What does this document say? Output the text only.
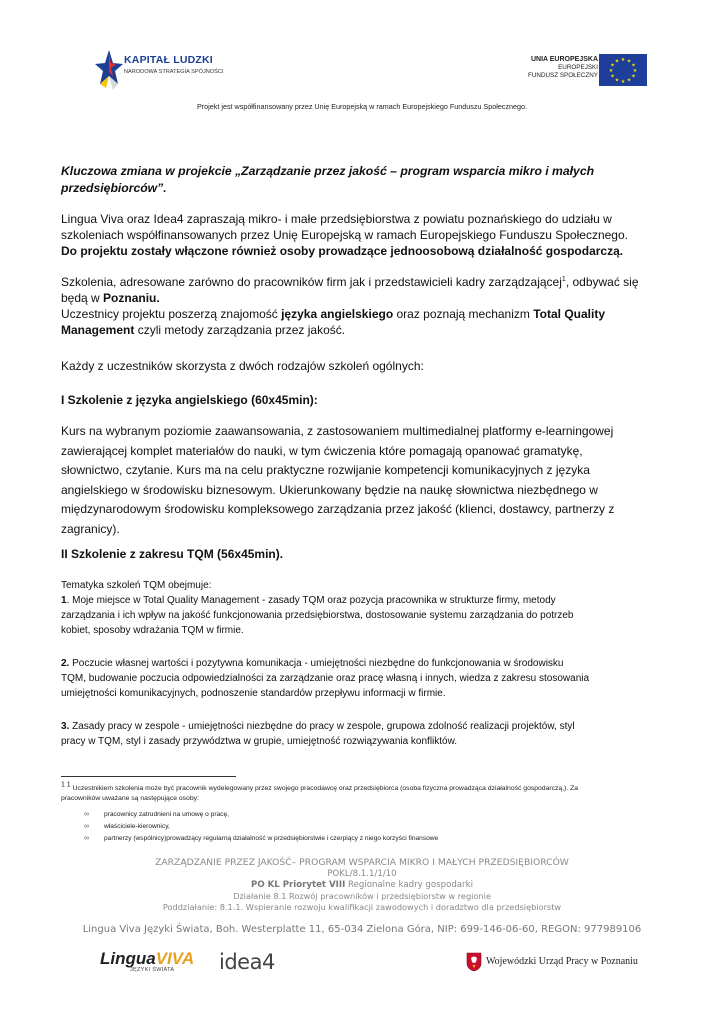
KAPITAŁ LUDZKI
NARODOWA STRATEGIA SPÓJNOŚCI
UNIA EUROPEJSKA
EUROPEJSKI
FUNDUSZ SPOŁECZNY
★ ★
★
★
★
★
★
★
★
★
★
★
Projekt jest współfinansowany przez Unię Europejską w ramach Europejskiego Funduszu Społecznego.
Kluczowa zmiana w projekcie „Zarządzanie przez jakość – program wsparcia mikro i małych
przedsiębiorców”.
Lingua Viva oraz Idea4 zapraszają mikro- i małe przedsiębiorstwa z powiatu poznańskiego do udziału w
szkoleniach współfinansowanych przez Unię Europejską w ramach Europejskiego Funduszu Społecznego.
Do projektu zostały włączone również osoby prowadzące jednoosobową działalność gospodarczą.
Szkolenia, adresowane zarówno do pracowników firm jak i przedstawicieli kadry zarządzającej$^1$, odbywać się
będą w Poznaniu.
Uczestnicy projektu poszerzą znajomość języka angielskiego oraz poznają mechanizm Total Quality
Management czyli metody zarządzania przez jakość.
Każdy z uczestników skorzysta z dwóch rodzajów szkoleń ogólnych:
I Szkolenie z języka angielskiego (60x45min):
Kurs na wybranym poziomie zaawansowania, z zastosowaniem multimedialnej platformy e-learningowej
zawierającej komplet materiałów do nauki, w tym ćwiczenia które pomagają opanować gramatykę,
słownictwo, czytanie. Kurs ma na celu praktyczne rozwijanie kompetencji komunikacyjnych z języka
angielskiego w środowisku biznesowym. Ukierunkowany będzie na naukę słownictwa niezbędnego w
międzynarodowym środowisku kompleksowego zarządzania przez jakość (klienci, dostawcy, partnerzy z
zagranicy).
II Szkolenie z zakresu TQM (56x45min).
Tematyka szkoleń TQM obejmuje:
1. Moje miejsce w Total Quality Management - zasady TQM oraz pozycja pracownika w strukturze firmy, metody
zarządzania i ich wpływ na jakość funkcjonowania przedsiębiorstwa, dostosowanie systemu zarządzania do potrzeb
kobiet, sposoby wdrażania TQM w firmie.
2. Poczucie własnej wartości i pozytywna komunikacja - umiejętności niezbędne do funkcjonowania w środowisku
TQM, budowanie poczucia odpowiedzialności za zarządzanie oraz pracę własną i innych, wiedza z zakresu stosowania
umiejętności komunikacyjnych, podnoszenie standardów przepływu informacji w firmie.
3. Zasady pracy w zespole - umiejętności niezbędne do pracy w zespole, grupowa zdolność realizacji projektów, styl
pracy w TQM, styl i zasady przywództwa w grupie, umiejętność rozwiązywania konfliktów.
$^1$ $^1$ Uczestnikiem szkolenia może być pracownik wydelegowany przez swojego pracodawcę oraz przedsiębiorca (osoba fizyczna prowadząca działalność gospodarczą,). Za
pracowników uważane są następujące osoby:
∞ pracownicy zatrudnieni na umowę o pracę,
∞ właściciele-kierownicy,
∞ partnerzy (wspólnicy)prowadzący regularną działalność w przedsiębiorstwie i czerpiący z niego korzyści finansowe
ZARZĄDZANIE PRZEZ JAKOŚĆ– PROGRAM WSPARCIA MIKRO I MAŁYCH PRZEDSIĘBIORCÓW
POKL/8.1.1/1/10
PO KL Priorytet VIII Regionalne kadry gospodarki
Działanie 8.1 Rozwój pracowników i przedsiębiorstw w regionie
Poddziałanie: 8.1.1. Wspieranie rozwoju kwalifikacji zawodowych i doradztwo dla przedsiębiorstw
Lingua Viva Języki Świata, Boh. Westerplatte 11, 65-034 Zielona Góra, NIP: 699-146-06-60, REGON: 977989106
LinguaVIVA
JĘZYKI ŚWIATA	idea4	Wojewódzki Urząd Pracy w Poznaniu
